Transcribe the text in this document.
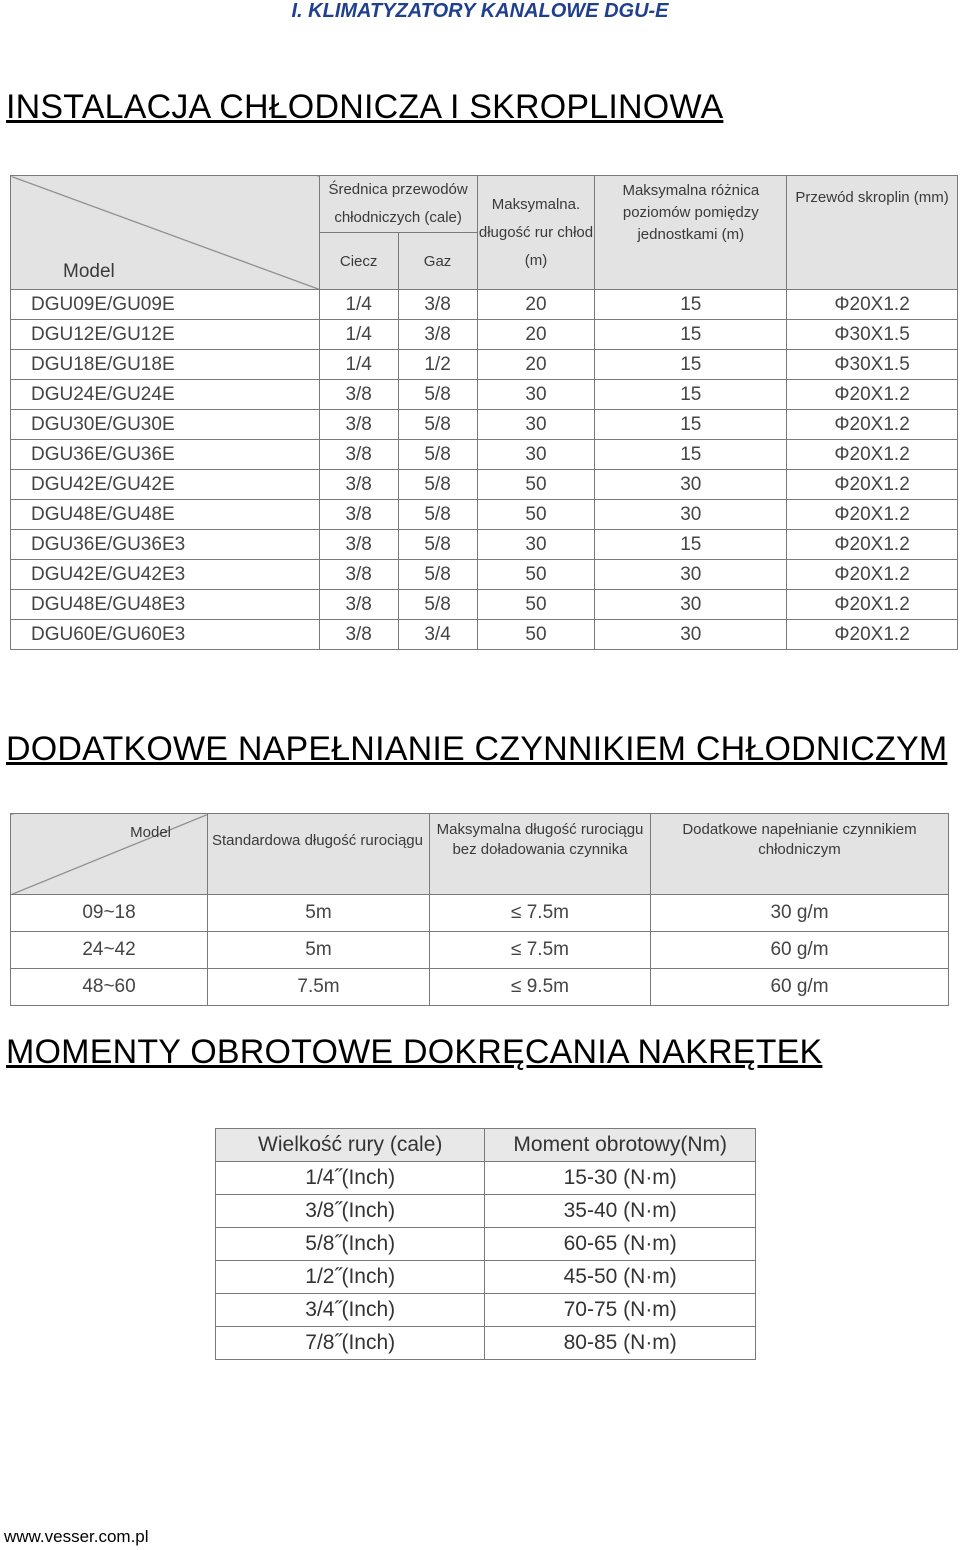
I. KLIMATYZATORY KANALOWE DGU-E
INSTALACJA CHŁODNICZA I SKROPLINOWA
Model	Średnica przewodów chłodniczych (cale)		Maksymalna. długość rur chłod (m)	Maksymalna różnica poziomów pomiędzy jednostkami (m)	Przewód skroplin (mm)
	Ciecz	Gaz			
DGU09E/GU09E	1/4	3/8	20	15	Φ20X1.2
DGU12E/GU12E	1/4	3/8	20	15	Φ30X1.5
DGU18E/GU18E	1/4	1/2	20	15	Φ30X1.5
DGU24E/GU24E	3/8	5/8	30	15	Φ20X1.2
DGU30E/GU30E	3/8	5/8	30	15	Φ20X1.2
DGU36E/GU36E	3/8	5/8	30	15	Φ20X1.2
DGU42E/GU42E	3/8	5/8	50	30	Φ20X1.2
DGU48E/GU48E	3/8	5/8	50	30	Φ20X1.2
DGU36E/GU36E3	3/8	5/8	30	15	Φ20X1.2
DGU42E/GU42E3	3/8	5/8	50	30	Φ20X1.2
DGU48E/GU48E3	3/8	5/8	50	30	Φ20X1.2
DGU60E/GU60E3	3/8	3/4	50	30	Φ20X1.2
DODATKOWE NAPEŁNIANIE CZYNNIKIEM CHŁODNICZYM
Model	Standardowa długość rurociągu	Maksymalna długość rurociągu bez doładowania czynnika	Dodatkowe napełnianie czynnikiem chłodniczym
09~18	5m	≤ 7.5m	30 g/m
24~42	5m	≤ 7.5m	60 g/m
48~60	7.5m	≤ 9.5m	60 g/m
MOMENTY OBROTOWE DOKRĘCANIA NAKRĘTEK
Wielkość rury (cale)	Moment obrotowy(Nm)
1/4˝(Inch)	15-30 (N·m)
3/8˝(Inch)	35-40 (N·m)
5/8˝(Inch)	60-65 (N·m)
1/2˝(Inch)	45-50 (N·m)
3/4˝(Inch)	70-75 (N·m)
7/8˝(Inch)	80-85 (N·m)
www.vesser.com.pl
